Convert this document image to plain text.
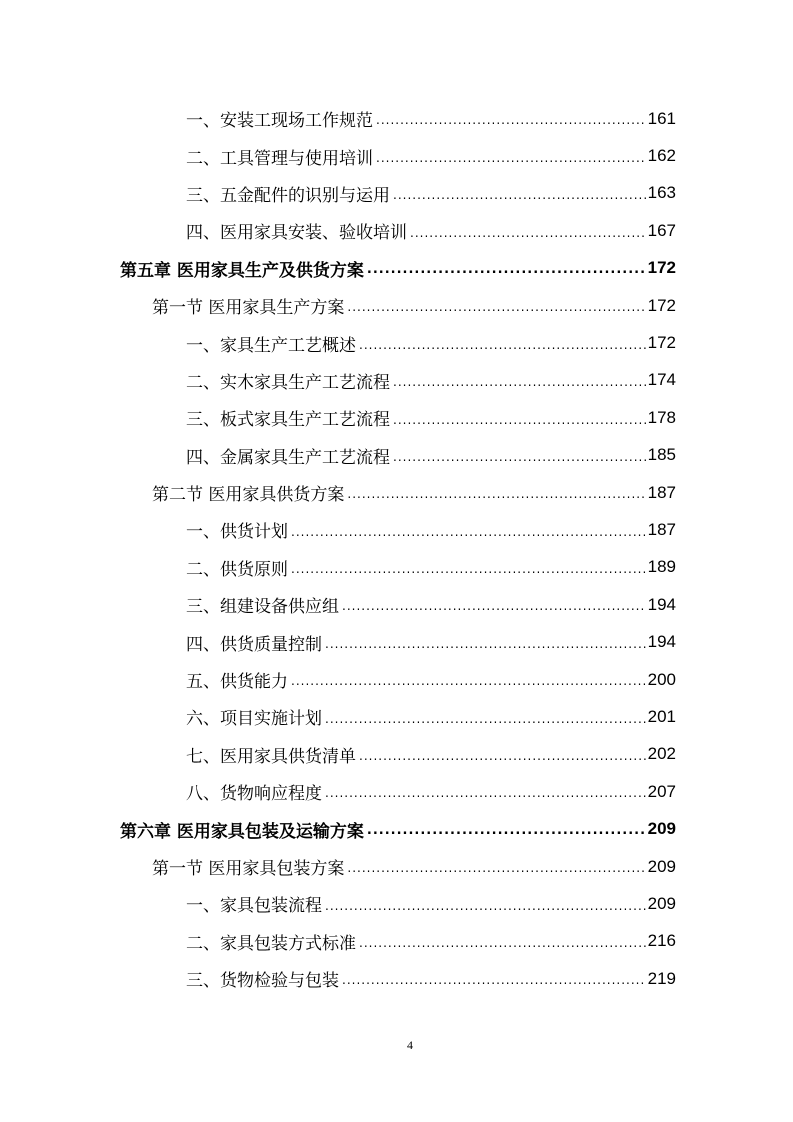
一、安装工现场工作规范 .....	161
二、工具管理与使用培训 .....	162
三、五金配件的识别与运用 .....	163
四、医用家具安装、验收培训 .....	167
第五章 医用家具生产及供货方案 .....	172
第一节 医用家具生产方案 .....	172
一、家具生产工艺概述 .....	172
二、实木家具生产工艺流程 .....	174
三、板式家具生产工艺流程 .....	178
四、金属家具生产工艺流程 .....	185
第二节 医用家具供货方案 .....	187
一、供货计划 .....	187
二、供货原则 .....	189
三、组建设备供应组 .....	194
四、供货质量控制 .....	194
五、供货能力 .....	200
六、项目实施计划 .....	201
七、医用家具供货清单 .....	202
八、货物响应程度 .....	207
第六章 医用家具包装及运输方案 .....	209
第一节 医用家具包装方案 .....	209
一、家具包装流程 .....	209
二、家具包装方式标准 .....	216
三、货物检验与包装 .....	219
4
